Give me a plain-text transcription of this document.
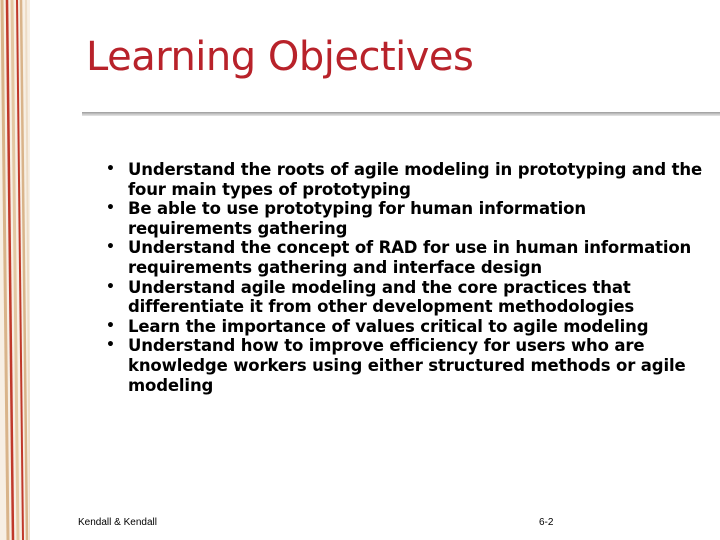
Learning Objectives
• Understand the roots of agile modeling in prototyping and the four main types of prototyping
• Be able to use prototyping for human information requirements gathering
• Understand the concept of RAD for use in human information requirements gathering and interface design
• Understand agile modeling and the core practices that differentiate it from other development methodologies
• Learn the importance of values critical to agile modeling
• Understand how to improve efficiency for users who are knowledge workers using either structured methods or agile modeling
Kendall & Kendall	6-2
